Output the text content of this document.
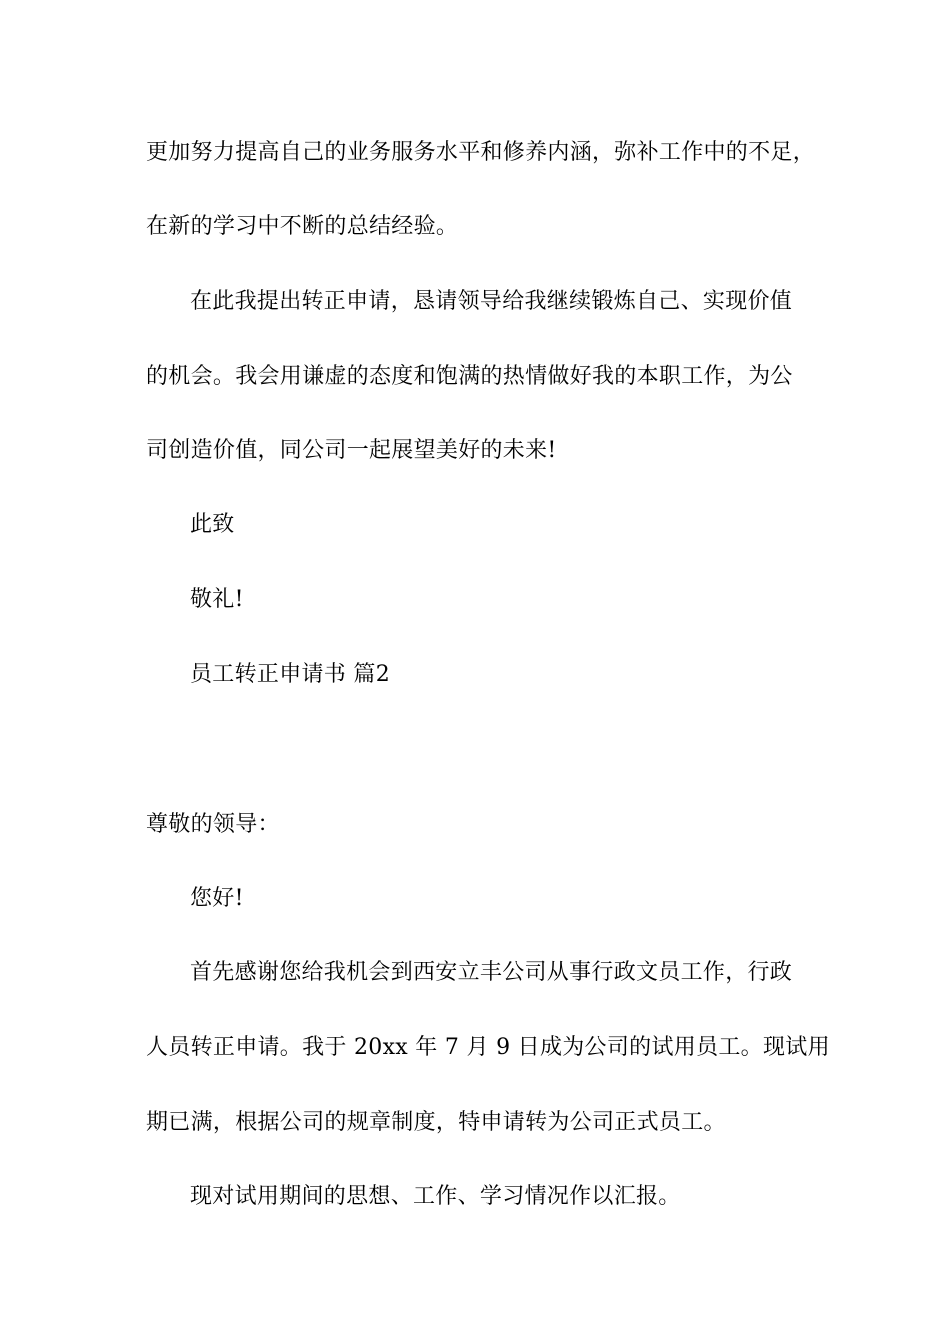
更加努力提高自己的业务服务水平和修养内涵，弥补工作中的不足，
在新的学习中不断的总结经验。
在此我提出转正申请，恳请领导给我继续锻炼自己、实现价值
的机会。我会用谦虚的态度和饱满的热情做好我的本职工作，为公
司创造价值，同公司一起展望美好的未来!
此致
敬礼!
员工转正申请书 篇2
尊敬的领导：
您好!
首先感谢您给我机会到西安立丰公司从事行政文员工作，行政
人员转正申请。我于 20xx 年 7 月 9 日成为公司的试用员工。现试用
期已满，根据公司的规章制度，特申请转为公司正式员工。
现对试用期间的思想、工作、学习情况作以汇报。
